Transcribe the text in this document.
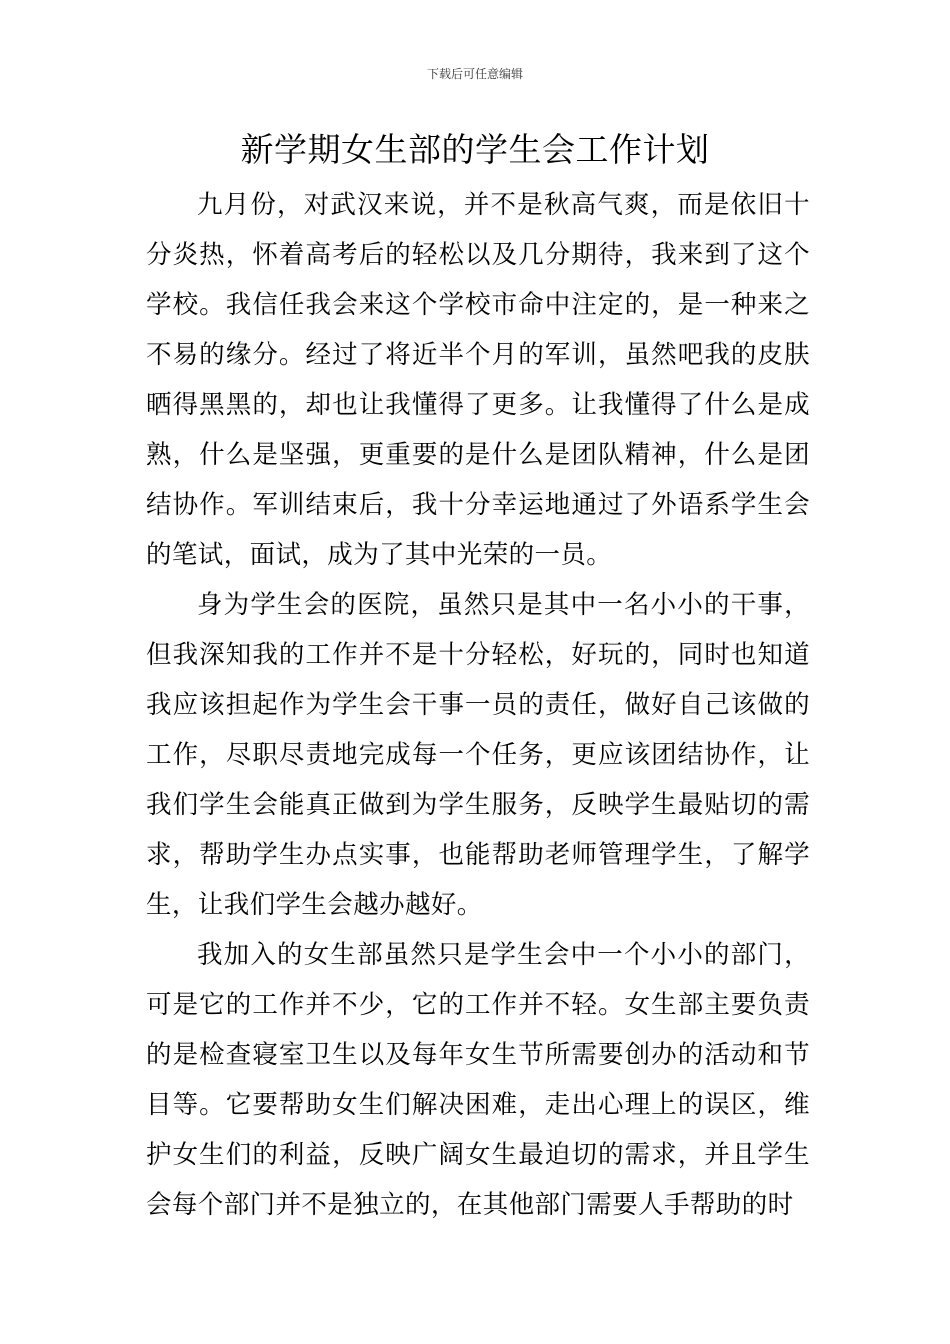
下载后可任意编辑
新学期女生部的学生会工作计划

九月份，对武汉来说，并不是秋高气爽，而是依旧十分炎热，怀着高考后的轻松以及几分期待，我来到了这个学校。我信任我会来这个学校市命中注定的，是一种来之不易的缘分。经过了将近半个月的军训，虽然吧我的皮肤晒得黑黑的，却也让我懂得了更多。让我懂得了什么是成熟，什么是坚强，更重要的是什么是团队精神，什么是团结协作。军训结束后，我十分幸运地通过了外语系学生会的笔试，面试，成为了其中光荣的一员。

身为学生会的医院，虽然只是其中一名小小的干事，但我深知我的工作并不是十分轻松，好玩的，同时也知道我应该担起作为学生会干事一员的责任，做好自己该做的工作，尽职尽责地完成每一个任务，更应该团结协作，让我们学生会能真正做到为学生服务，反映学生最贴切的需求，帮助学生办点实事，也能帮助老师管理学生，了解学生，让我们学生会越办越好。

我加入的女生部虽然只是学生会中一个小小的部门，可是它的工作并不少，它的工作并不轻。女生部主要负责的是检查寝室卫生以及每年女生节所需要创办的活动和节目等。它要帮助女生们解决困难，走出心理上的误区，维护女生们的利益，反映广阔女生最迫切的需求，并且学生会每个部门并不是独立的，在其他部门需要人手帮助的时
